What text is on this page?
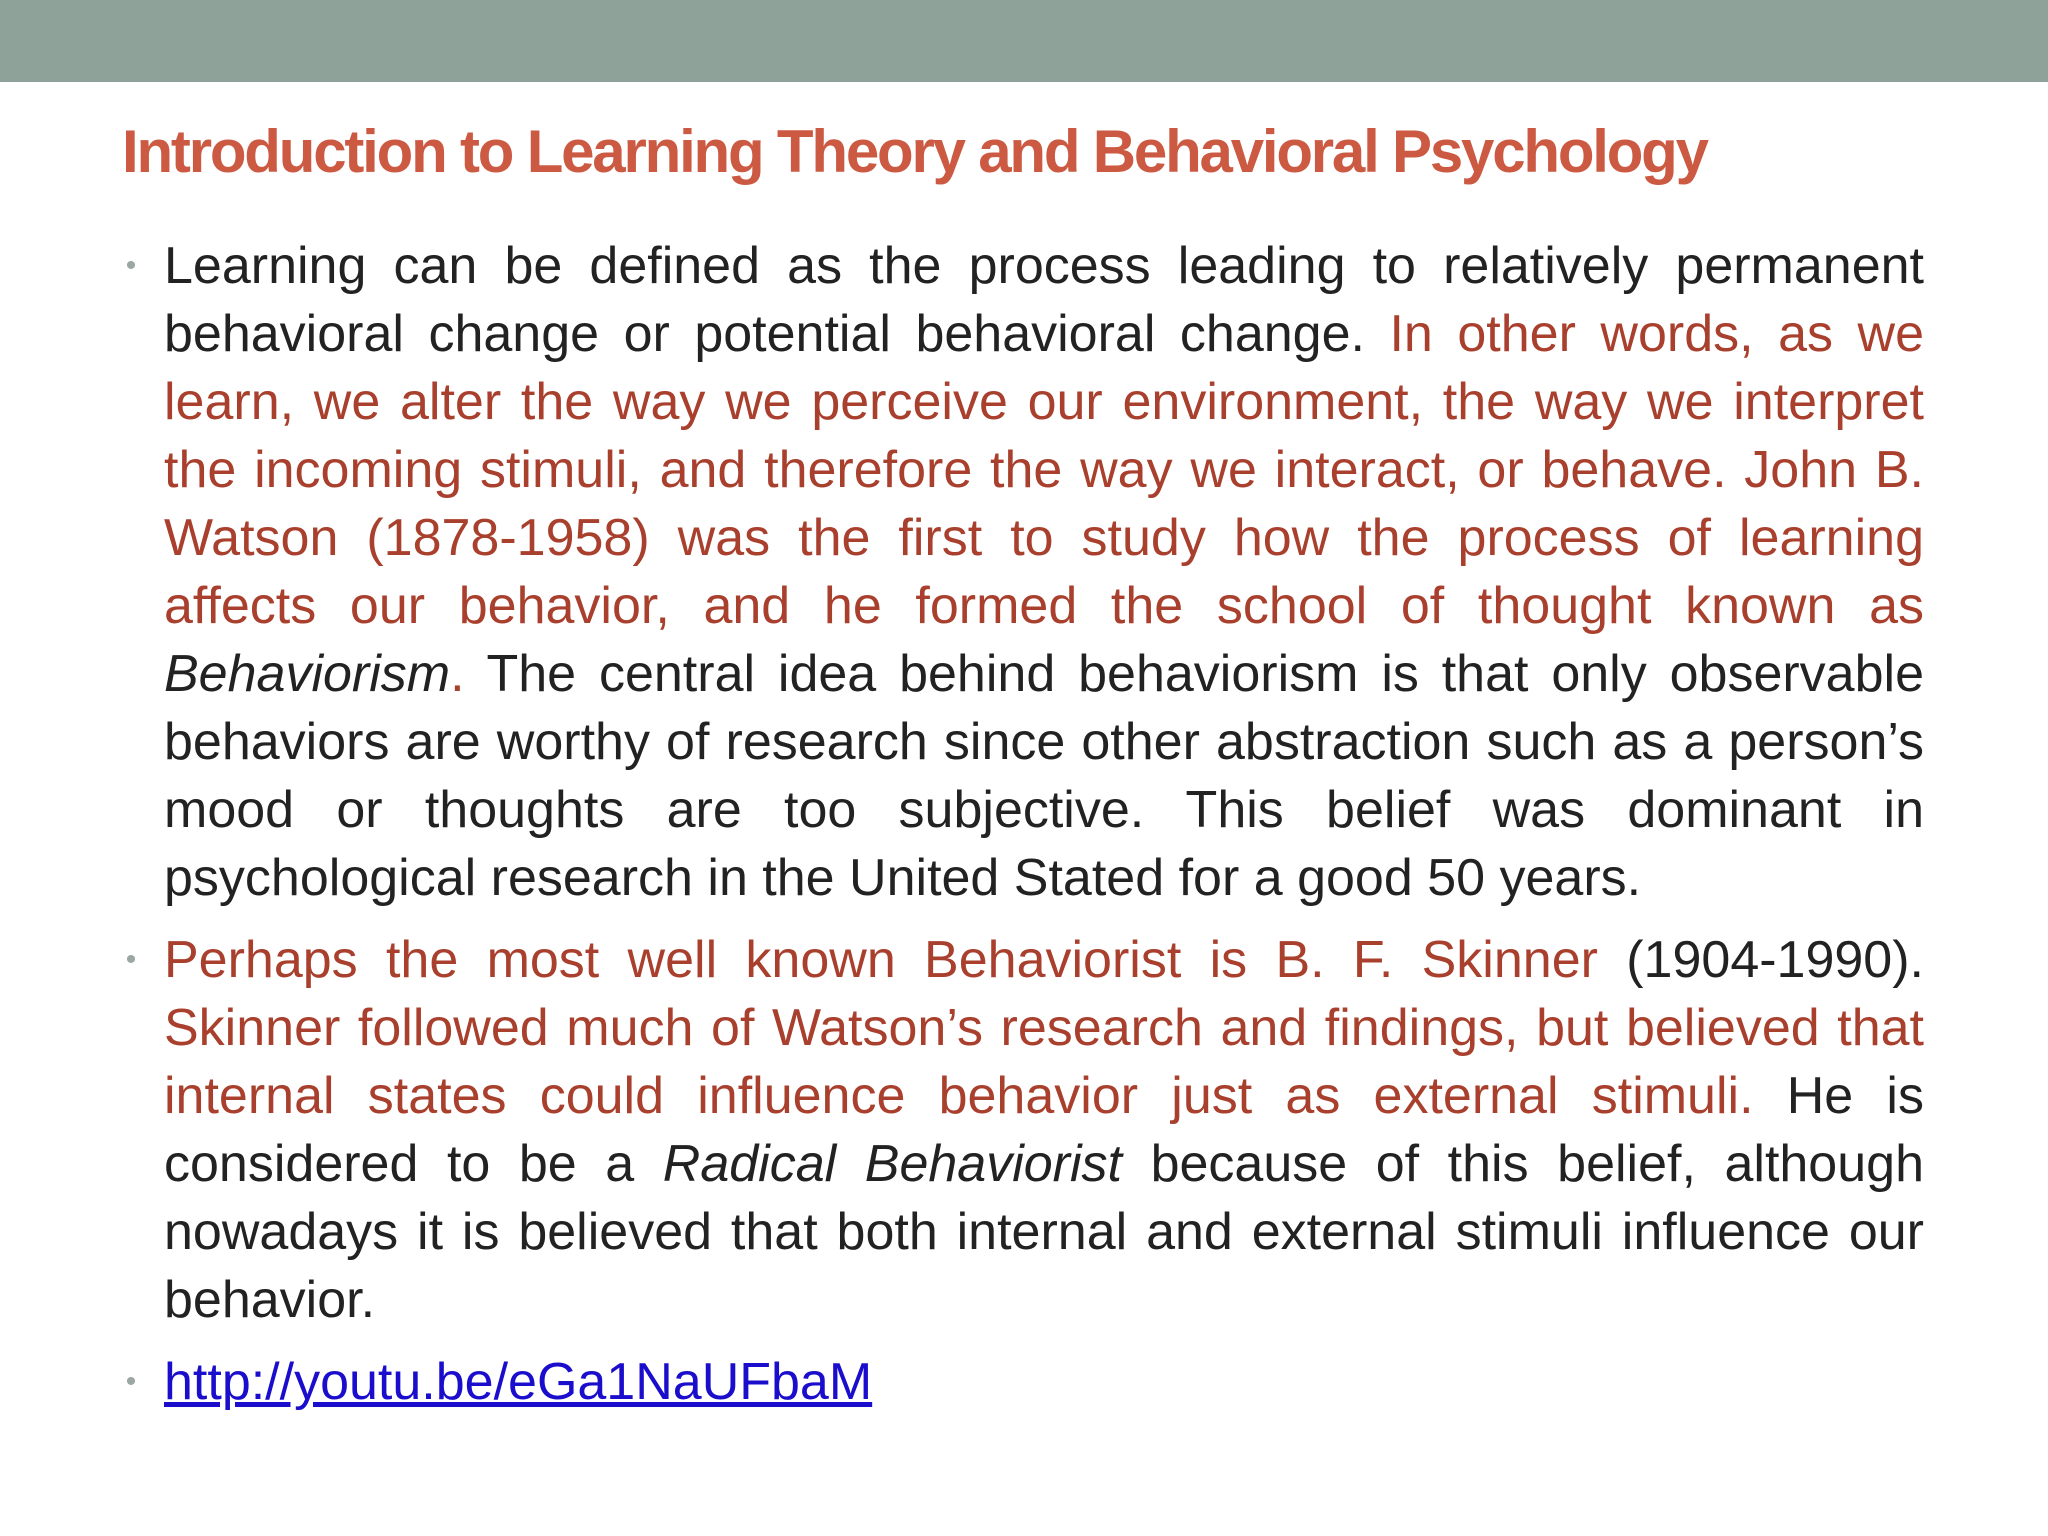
Introduction to Learning Theory and Behavioral Psychology
• Learning can be defined as the process leading to relatively permanent behavioral change or potential behavioral change. In other words, as we learn, we alter the way we perceive our environment, the way we interpret the incoming stimuli, and therefore the way we interact, or behave. John B. Watson (1878-1958) was the first to study how the process of learning affects our behavior, and he formed the school of thought known as Behaviorism. The central idea behind behaviorism is that only observable behaviors are worthy of research since other abstraction such as a person’s mood or thoughts are too subjective. This belief was dominant in psychological research in the United Stated for a good 50 years.
• Perhaps the most well known Behaviorist is B. F. Skinner (1904-1990). Skinner followed much of Watson’s research and findings, but believed that internal states could influence behavior just as external stimuli. He is considered to be a Radical Behaviorist because of this belief, although nowadays it is believed that both internal and external stimuli influence our behavior.
• http://youtu.be/eGa1NaUFbaM
